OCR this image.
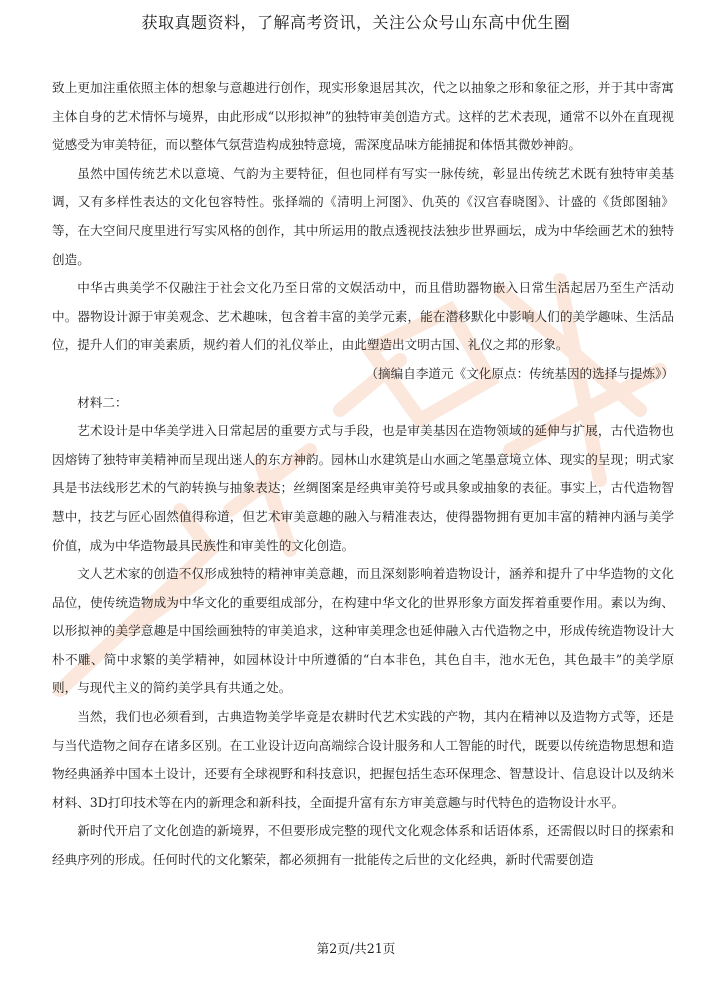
获取真题资料，了解高考资讯，关注公众号山东高中优生圈

致上更加注重依照主体的想象与意趣进行创作，现实形象退居其次，代之以抽象之形和象征之形，并于其中寄寓主体自身的艺术情怀与境界，由此形成“以形拟神”的独特审美创造方式。这样的艺术表现，通常不以外在直现视觉感受为审美特征，而以整体气氛营造构成独特意境，需深度品味方能捕捉和体悟其微妙神韵。

虽然中国传统艺术以意境、气韵为主要特征，但也同样有写实一脉传统，彰显出传统艺术既有独特审美基调，又有多样性表达的文化包容特性。张择端的《清明上河图》、仇英的《汉宫春晓图》、计盛的《货郎图轴》等，在大空间尺度里进行写实风格的创作，其中所运用的散点透视技法独步世界画坛，成为中华绘画艺术的独特创造。

中华古典美学不仅融注于社会文化乃至日常的文娱活动中，而且借助器物嵌入日常生活起居乃至生产活动中。器物设计源于审美观念、艺术趣味，包含着丰富的美学元素，能在潜移默化中影响人们的美学趣味、生活品位，提升人们的审美素质，规约着人们的礼仪举止，由此塑造出文明古国、礼仪之邦的形象。

（摘编自李道元《文化原点：传统基因的选择与提炼》）

材料二：

艺术设计是中华美学进入日常起居的重要方式与手段，也是审美基因在造物领域的延伸与扩展，古代造物也因熔铸了独特审美精神而呈现出迷人的东方神韵。园林山水建筑是山水画之笔墨意境立体、现实的呈现；明式家具是书法线形艺术的气韵转换与抽象表达；丝绸图案是经典审美符号或具象或抽象的表征。事实上，古代造物智慧中，技艺与匠心固然值得称道，但艺术审美意趣的融入与精准表达，使得器物拥有更加丰富的精神内涵与美学价值，成为中华造物最具民族性和审美性的文化创造。

文人艺术家的创造不仅形成独特的精神审美意趣，而且深刻影响着造物设计，涵养和提升了中华造物的文化品位，使传统造物成为中华文化的重要组成部分，在构建中华文化的世界形象方面发挥着重要作用。素以为绚、以形拟神的美学意趣是中国绘画独特的审美追求，这种审美理念也延伸融入古代造物之中，形成传统造物设计大朴不雕、简中求繁的美学精神，如园林设计中所遵循的“白本非色，其色自丰，池水无色，其色最丰”的美学原则，与现代主义的简约美学具有共通之处。

当然，我们也必须看到，古典造物美学毕竟是农耕时代艺术实践的产物，其内在精神以及造物方式等，还是与当代造物之间存在诸多区别。在工业设计迈向高端综合设计服务和人工智能的时代，既要以传统造物思想和造物经典涵养中国本土设计，还要有全球视野和科技意识，把握包括生态环保理念、智慧设计、信息设计以及纳米材料、3D打印技术等在内的新理念和新科技，全面提升富有东方审美意趣与时代特色的造物设计水平。

新时代开启了文化创造的新境界，不但要形成完整的现代文化观念体系和话语体系，还需假以时日的探索和经典序列的形成。任何时代的文化繁荣，都必须拥有一批能传之后世的文化经典，新时代需要创造

第2页/共21页
